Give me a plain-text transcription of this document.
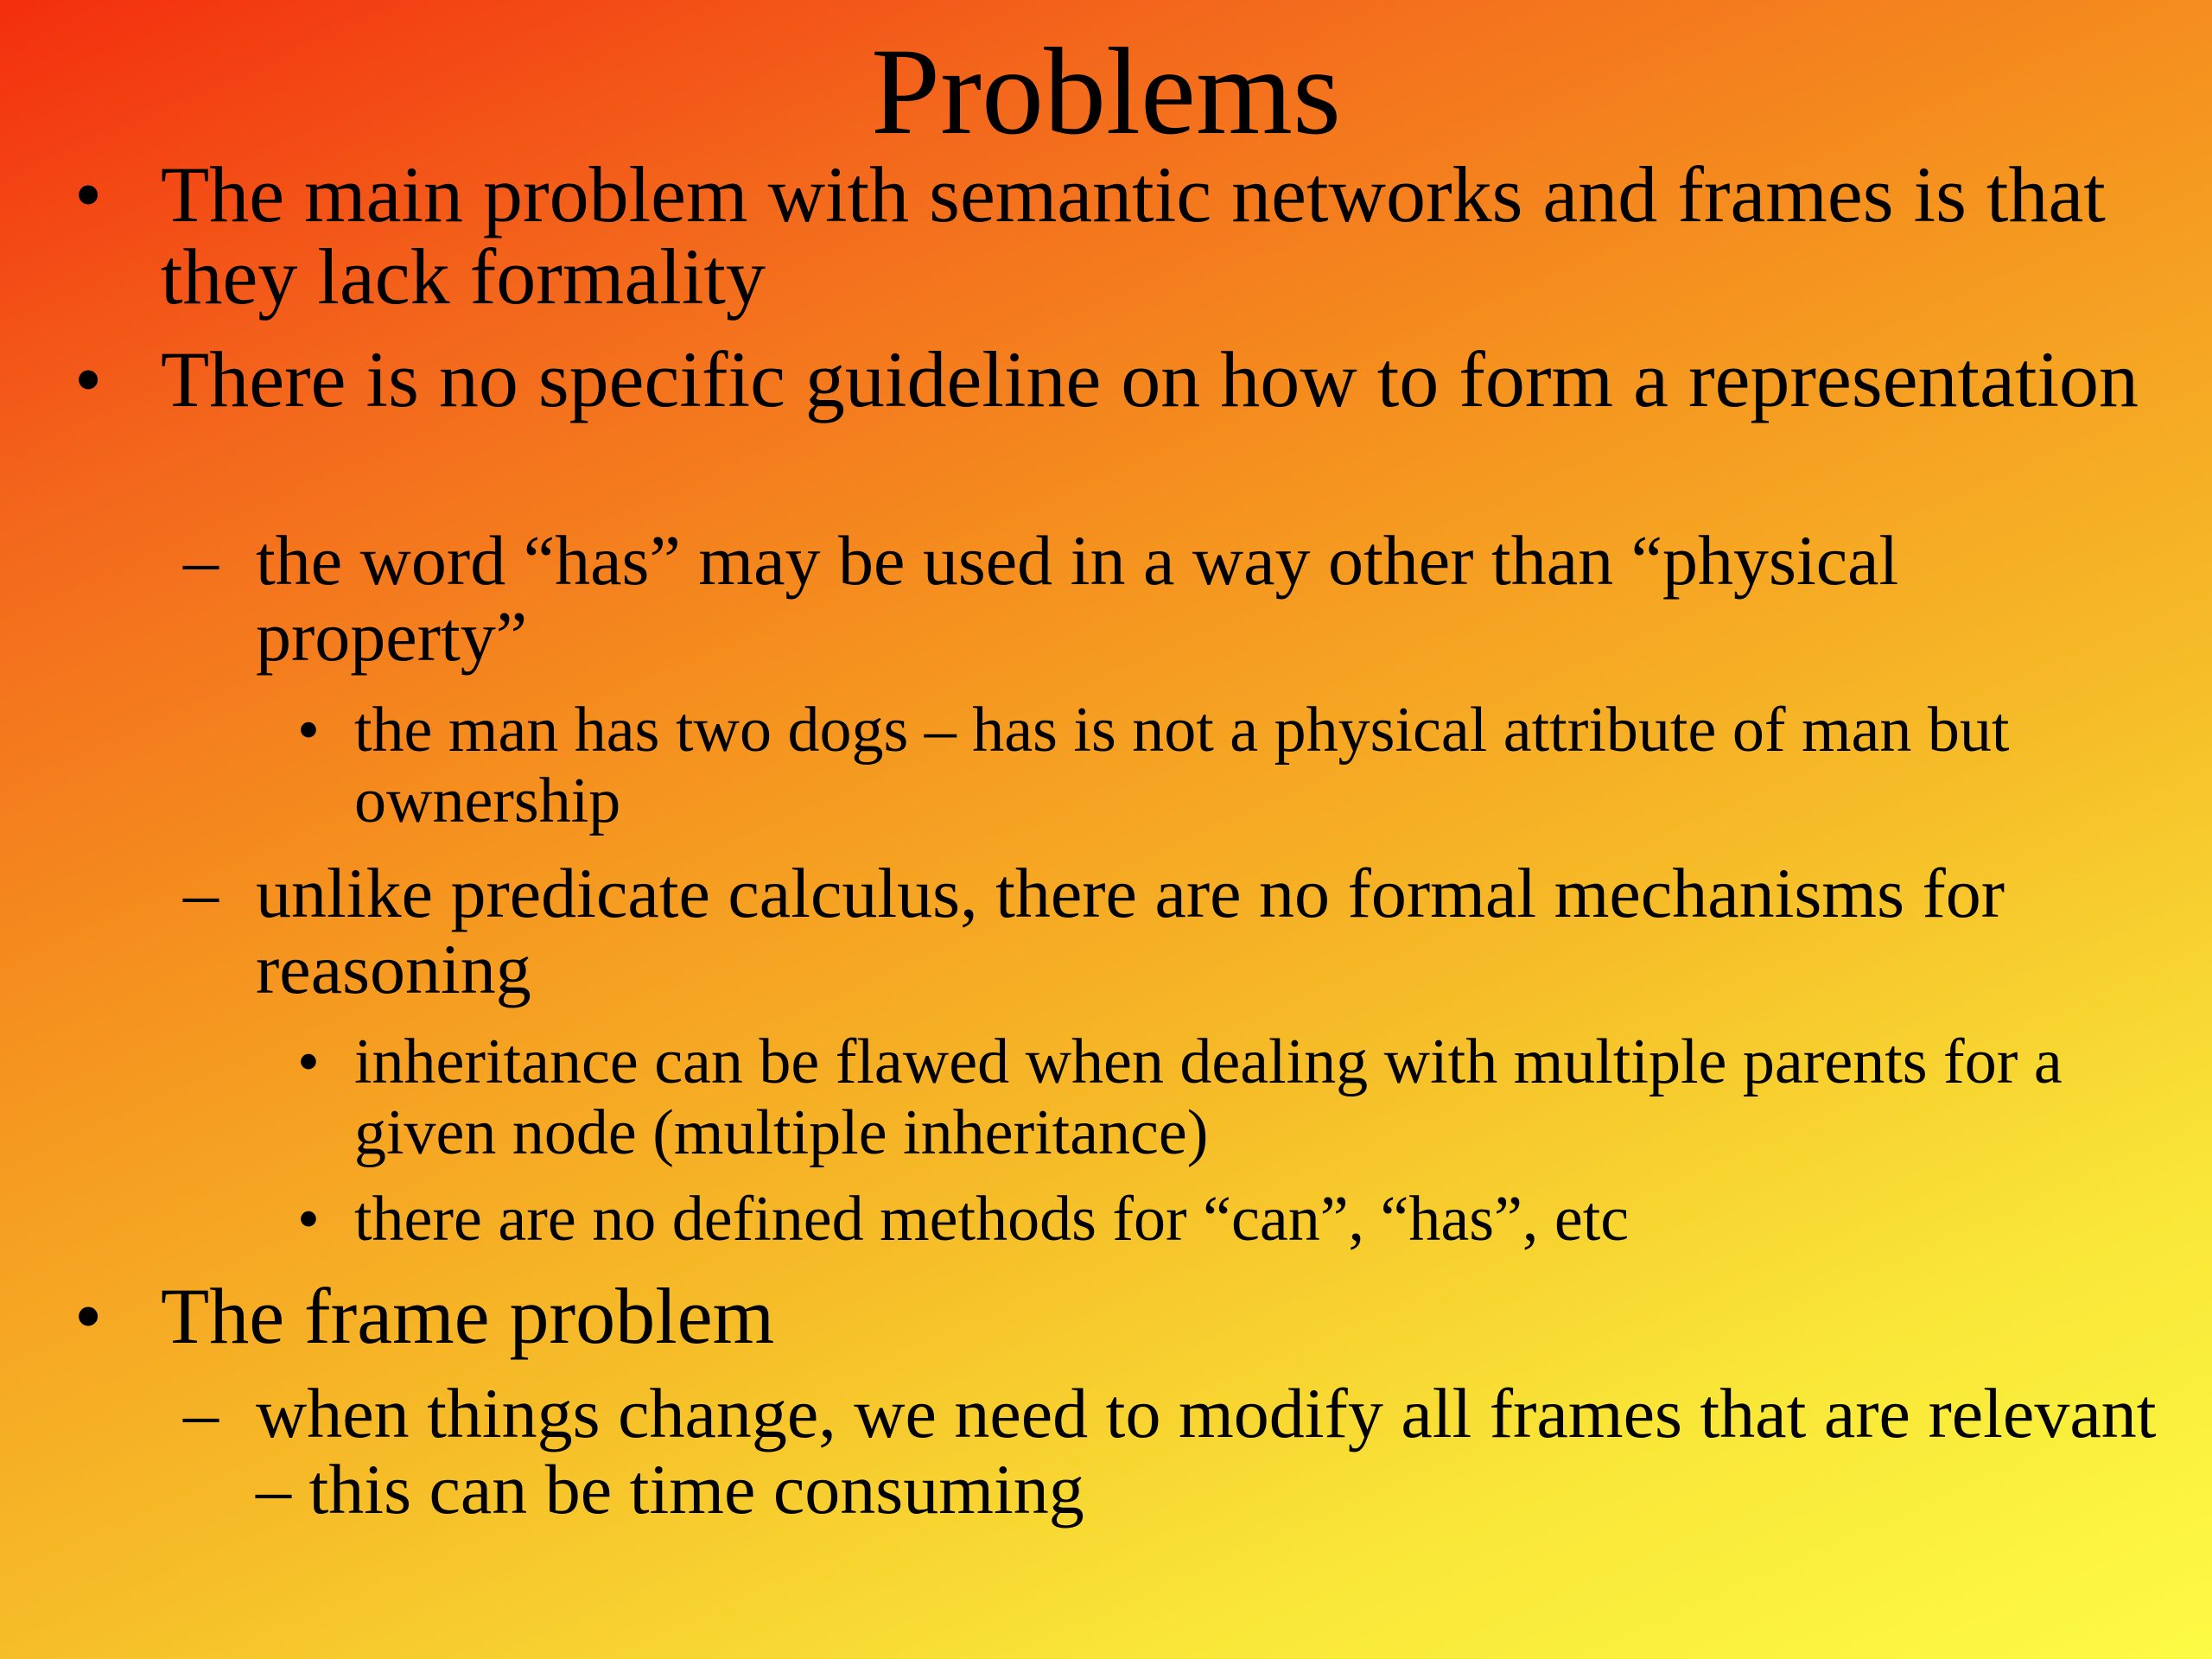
Problems
• The main problem with semantic networks and frames is that they lack formality
• There is no specific guideline on how to form a representation
– the word “has” may be used in a way other than “physical property”
• the man has two dogs – has is not a physical attribute of man but ownership
– unlike predicate calculus, there are no formal mechanisms for reasoning
• inheritance can be flawed when dealing with multiple parents for a given node (multiple inheritance)
• there are no defined methods for “can”, “has”, etc
• The frame problem
– when things change, we need to modify all frames that are relevant – this can be time consuming
